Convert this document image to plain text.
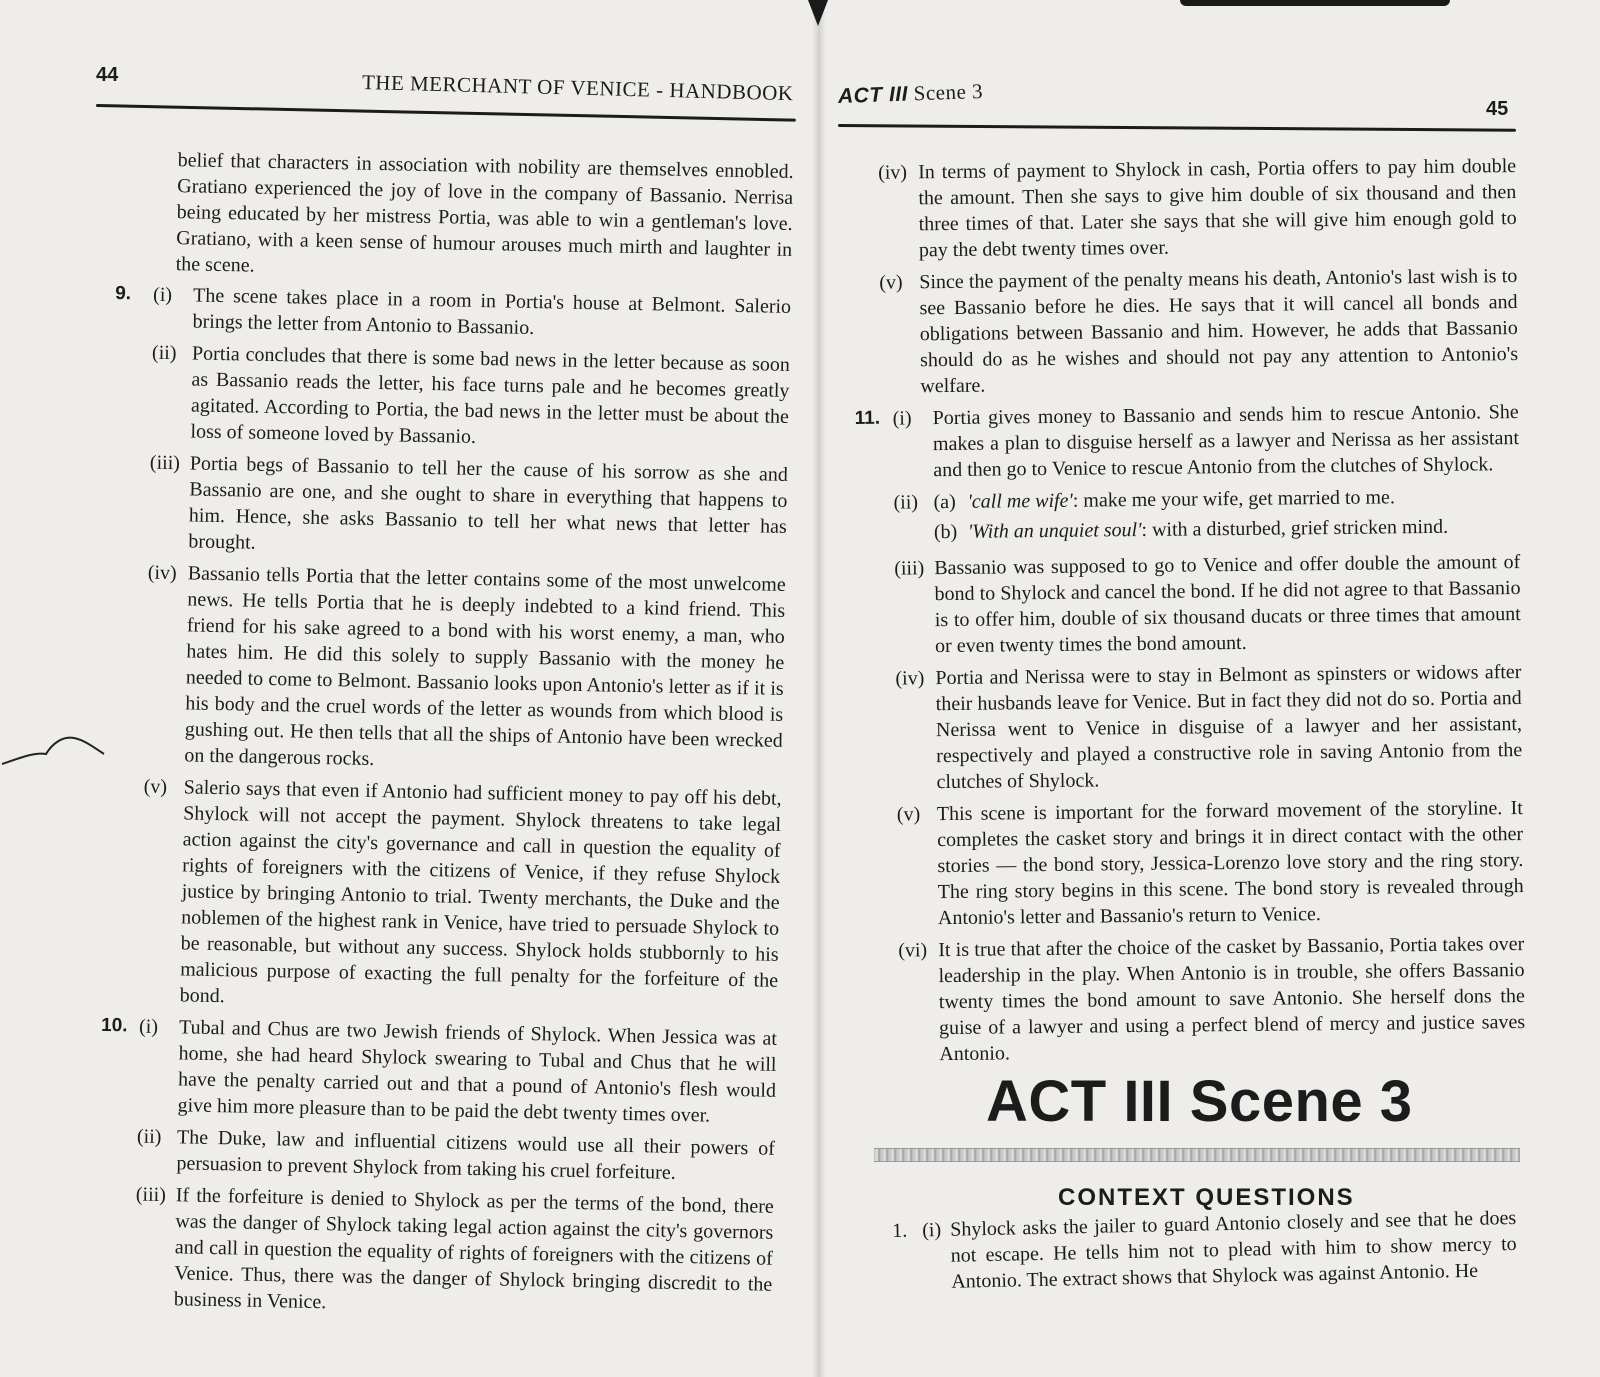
44	THE MERCHANT OF VENICE - HANDBOOK

belief that characters in association with nobility are themselves ennobled. Gratiano experienced the joy of love in the company of Bassanio. Nerrisa being educated by her mistress Portia, was able to win a gentleman's love. Gratiano, with a keen sense of humour arouses much mirth and laughter in the scene.

9.	(i)	The scene takes place in a room in Portia's house at Belmont. Salerio brings the letter from Antonio to Bassanio.
(ii) Portia concludes that there is some bad news in the letter because as soon as Bassanio reads the letter, his face turns pale and he becomes greatly agitated. According to Portia, the bad news in the letter must be about the loss of someone loved by Bassanio.
(iii) Portia begs of Bassanio to tell her the cause of his sorrow as she and Bassanio are one, and she ought to share in everything that happens to him. Hence, she asks Bassanio to tell her what news that letter has brought.
(iv) Bassanio tells Portia that the letter contains some of the most unwelcome news. He tells Portia that he is deeply indebted to a kind friend. This friend for his sake agreed to a bond with his worst enemy, a man, who hates him. He did this solely to supply Bassanio with the money he needed to come to Belmont. Bassanio looks upon Antonio's letter as if it is his body and the cruel words of the letter as wounds from which blood is gushing out. He then tells that all the ships of Antonio have been wrecked on the dangerous rocks.
(v) Salerio says that even if Antonio had sufficient money to pay off his debt, Shylock will not accept the payment. Shylock threatens to take legal action against the city's governance and call in question the equality of rights of foreigners with the citizens of Venice, if they refuse Shylock justice by bringing Antonio to trial. Twenty merchants, the Duke and the noblemen of the highest rank in Venice, have tried to persuade Shylock to be reasonable, but without any success. Shylock holds stubbornly to his malicious purpose of exacting the full penalty for the forfeiture of the bond.
10. (i)	Tubal and Chus are two Jewish friends of Shylock. When Jessica was at home, she had heard Shylock swearing to Tubal and Chus that he will have the penalty carried out and that a pound of Antonio's flesh would give him more pleasure than to be paid the debt twenty times over.
(ii) The Duke, law and influential citizens would use all their powers of persuasion to prevent Shylock from taking his cruel forfeiture.
(iii) If the forfeiture is denied to Shylock as per the terms of the bond, there was the danger of Shylock taking legal action against the city's governors and call in question the equality of rights of foreigners with the citizens of Venice. Thus, there was the danger of Shylock bringing discredit to the business in Venice.
ACT III Scene 3
45
(iv) In terms of payment to Shylock in cash, Portia offers to pay him double the amount. Then she says to give him double of six thousand and then three times of that. Later she says that she will give him enough gold to pay the debt twenty times over.
(v) Since the payment of the penalty means his death, Antonio's last wish is to see Bassanio before he dies. He says that it will cancel all bonds and obligations between Bassanio and him. However, he adds that Bassanio should do as he wishes and should not pay any attention to Antonio's welfare.
11. (i)	Portia gives money to Bassanio and sends him to rescue Antonio. She makes a plan to disguise herself as a lawyer and Nerissa as her assistant and then go to Venice to rescue Antonio from the clutches of Shylock.
(ii) (a) 'call me wife': make me your wife, get married to me.
(b) 'With an unquiet soul': with a disturbed, grief stricken mind.
(iii) Bassanio was supposed to go to Venice and offer double the amount of bond to Shylock and cancel the bond. If he did not agree to that Bassanio is to offer him, double of six thousand ducats or three times that amount or even twenty times the bond amount.
(iv) Portia and Nerissa were to stay in Belmont as spinsters or widows after their husbands leave for Venice. But in fact they did not do so. Portia and Nerissa went to Venice in disguise of a lawyer and her assistant, respectively and played a constructive role in saving Antonio from the clutches of Shylock.
(v) This scene is important for the forward movement of the storyline. It completes the casket story and brings it in direct contact with the other stories — the bond story, Jessica-Lorenzo love story and the ring story. The ring story begins in this scene. The bond story is revealed through Antonio's letter and Bassanio's return to Venice.
(vi) It is true that after the choice of the casket by Bassanio, Portia takes over leadership in the play. When Antonio is in trouble, she offers Bassanio twenty times the bond amount to save Antonio. She herself dons the guise of a lawyer and using a perfect blend of mercy and justice saves Antonio.
ACT III Scene 3
CONTEXT QUESTIONS
1. (i) Shylock asks the jailer to guard Antonio closely and see that he does not escape. He tells him not to plead with him to show mercy to Antonio. The extract shows that Shylock was against Antonio. He
